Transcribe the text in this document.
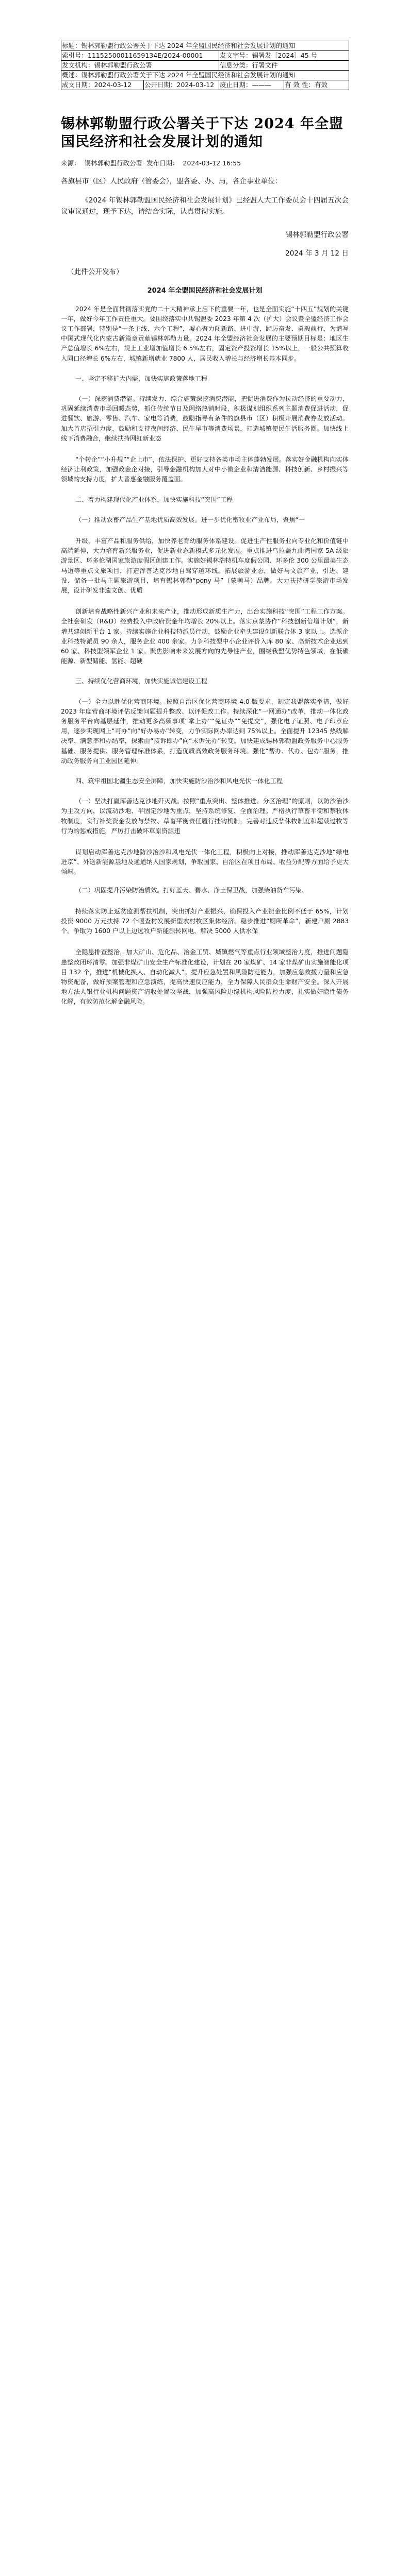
标题：锡林郭勒盟行政公署关于下达 2024 年全盟国民经济和社会发展计划的通知			
索引号：11152500011659134E/2024-00001		发文字号：锡署发〔2024〕45 号	
发文机构：锡林郭勒盟行政公署		信息分类：行署文件	
概述：锡林郭勒盟行政公署关于下达 2024 年全盟国民经济和社会发展计划的通知			
成文日期：2024-03-12	公开日期：2024-03-12	废止日期：———	有 效 性：有效
锡林郭勒盟行政公署关于下达 2024 年全盟国民经济和社会发展计划的通知
来源： 锡林郭勒盟行政公署 发布日期： 2024-03-12 16:55

各旗县市（区）人民政府（管委会），盟各委、办、局，各企事业单位：

《2024 年锡林郭勒盟国民经济和社会发展计划》已经盟人大工作委员会十四届五次会议审议通过，现予下达，请结合实际，认真贯彻实施。

锡林郭勒盟行政公署
2024 年 3 月 12 日
（此件公开发布）
2024 年全盟国民经济和社会发展计划

2024 年是全面贯彻落实党的二十大精神承上启下的重要一年，也是全面实施“十四五”规划的关键一年，做好今年工作责任重大。要围绕落实中共锡盟委 2023 年第 4 次（扩大）会议暨全盟经济工作会议工作部署，特别是“一条主线、六个工程”，凝心聚力闯新路、进中游，踔厉奋发、勇毅前行，为谱写中国式现代化内蒙古新篇章贡献锡林郭勒力量。2024 年全盟经济社会发展的主要预期目标是：地区生产总值增长 6%左右，规上工业增加值增长 6.5%左右，固定资产投资增长 15%以上，一般公共预算收入同口径增长 6%左右，城镇新增就业 7800 人，居民收入增长与经济增长基本同步。

一、坚定不移扩大内需，加快实施政策落地工程

（一）深挖消费潜能。持续发力、综合施策深挖消费潜能，把促进消费作为拉动经济的重要动力，巩固延续消费市场回暖态势，抓住传统节日及网络热销时段，积极谋划组织系列主题消费促进活动，促进餐饮、旅游、零售、汽车、家电等消费，鼓励指导有条件的旗县市（区）积极开展消费券发放活动。加大首店招引力度，鼓励和支持夜间经济、民生早市等消费场景，打造城镇便民生活服务圈。加快线上线下消费融合，继续扶持网红新业态

“个转企”“小升规”“企上市”，依法保护、更好支持各类市场主体蓬勃发展。落实好金融机构向实体经济让利政策，加强政金企对接，引导金融机构加大对中小微企业和清洁能源、科技创新、乡村振兴等领域的支持力度，扩大普惠金融服务覆盖面。

二、着力构建现代化产业体系，加快实施科技“突围”工程

（一）推动农畜产品生产基地优质高效发展。进一步优化畜牧业产业布局，聚焦“一

升级，丰富产品和服务供给，加快养老育幼服务体系建设。促进生产性服务业向专业化和价值链中高端延伸，大力培育新兴服务业，促进新业态新模式多元化发展。重点推进乌拉盖九曲湾国家 5A 级旅游景区、环多伦湖国家旅游度假区创建工作。实施好锡林浩特机车度假公园、环多伦 300 公里最美生态马道等重点文旅项目，打造浑善达克沙地自驾穿越环线。拓展旅游业态，做好马文旅产业，引进、建设、储备一批马主题旅游项目，培育锡林郭勒“pony 马”（蒙萌马）品牌。大力扶持研学旅游市场发展，设计研发非遗文创、优质

创新培育战略性新兴产业和未来产业，推动形成新质生产力，出台实施科技“突围”工程工作方案。全社会研发（R&D）经费投入中政府资金年均增长 20%以上。落实京蒙协作“科技创新倍增计划”，新增共建创新平台 1 家。持续实施企业科技特派员行动，鼓励企业牵头建设创新联合体 3 家以上。选派企业科技特派员 90 余人，服务企业 400 余家。力争科技型中小企业评价入库 80 家、高新技术企业达到 60 家、科技型领军企业 1 家。聚焦影响未来发展方向的先导性产业，围绕我盟优势特色领域，在低碳能源、新型储能、氢能、超硬

三、持续优化营商环境，加快实施诚信建设工程

（一）全力以赴优化营商环境。按照自治区优化营商环境 4.0 版要求，制定我盟落实举措，做好 2023 年度营商环境评估反馈问题提升整改、以评促改工作。持续深化“一网通办”改革，推动一体化政务服务平台向基层延伸，推动更多高频事项“掌上办”“免证办”“免提交”，强化电子证照、电子印章应用，逐步实现网上“可办”向“好办易办”转变，力争实际网办率达到 75%以上。全面提升 12345 热线解决率、满意率和办结率，探索由“接诉即办”向“未诉先办”转变。加快建成锡林郭勒盟政务服务中心服务基础、服务提供、服务管理标准体系，打造优质高效政务服务环境。强化“帮办、代办、包办”服务，推动政务服务向工业园区延伸。

四、筑牢祖国北疆生态安全屏障，加快实施防沙治沙和风电光伏一体化工程

（一）坚决打赢浑善达克沙地歼灭战。按照“重点突出、整体推进、分区治理”的原则，以防沙治沙为主攻方向，以流动沙地、半固定沙地为重点，坚持系统修复、全面治理。严格执行草畜平衡和禁牧休牧制度，实行补奖资金发放与禁牧、草畜平衡责任履行挂钩机制，完善对违反禁休牧制度和超载过牧等行为的惩戒措施，严厉打击破坏草原资源违

谋划启动浑善达克沙地防沙治沙和风电光伏一体化工程，积极向上对接，推动浑善达克沙地“绿电进京”、外送新能源基地及通道纳入国家规划，争取国家、自治区在项目布局、收益分配等方面给予更大倾斜。

（二）巩固提升污染防治质效。打好蓝天、碧水、净土保卫战，加强柴油货车污染、

持续落实防止返贫监测帮扶机制，突出抓好产业振兴，确保投入产业资金比例不低于 65%，计划投资 9000 万元扶持 72 个嘎查村发展新型农村牧区集体经济。稳步推进“厕所革命”，新建户厕 2883 个。争取为 1600 户以上边远牧户新能源转网电，解决 5000 人供水保

全隐患排查整治，加大矿山、危化品、治金工贸、城镇燃气等重点行业领域整治力度，推进问题隐患整改闭环清零。加强非煤矿山安全生产标准化建设，计划在 20 家煤矿、14 家非煤矿山实施智能化项目 132 个，推进“机械化换人、自动化减人”。提升应急处置和风险防范能力，加强应急救援力量和应急物资配备，做好预案管理和应急演练，提高快速反应能力，全力保障人民群众生命财产安全。深入开展地方法人银行业机构问题资产清收处置攻坚战，加强高风险边缘机构风险防控力度，扎实做好隐性债务化解，有效防范化解金融风险。
